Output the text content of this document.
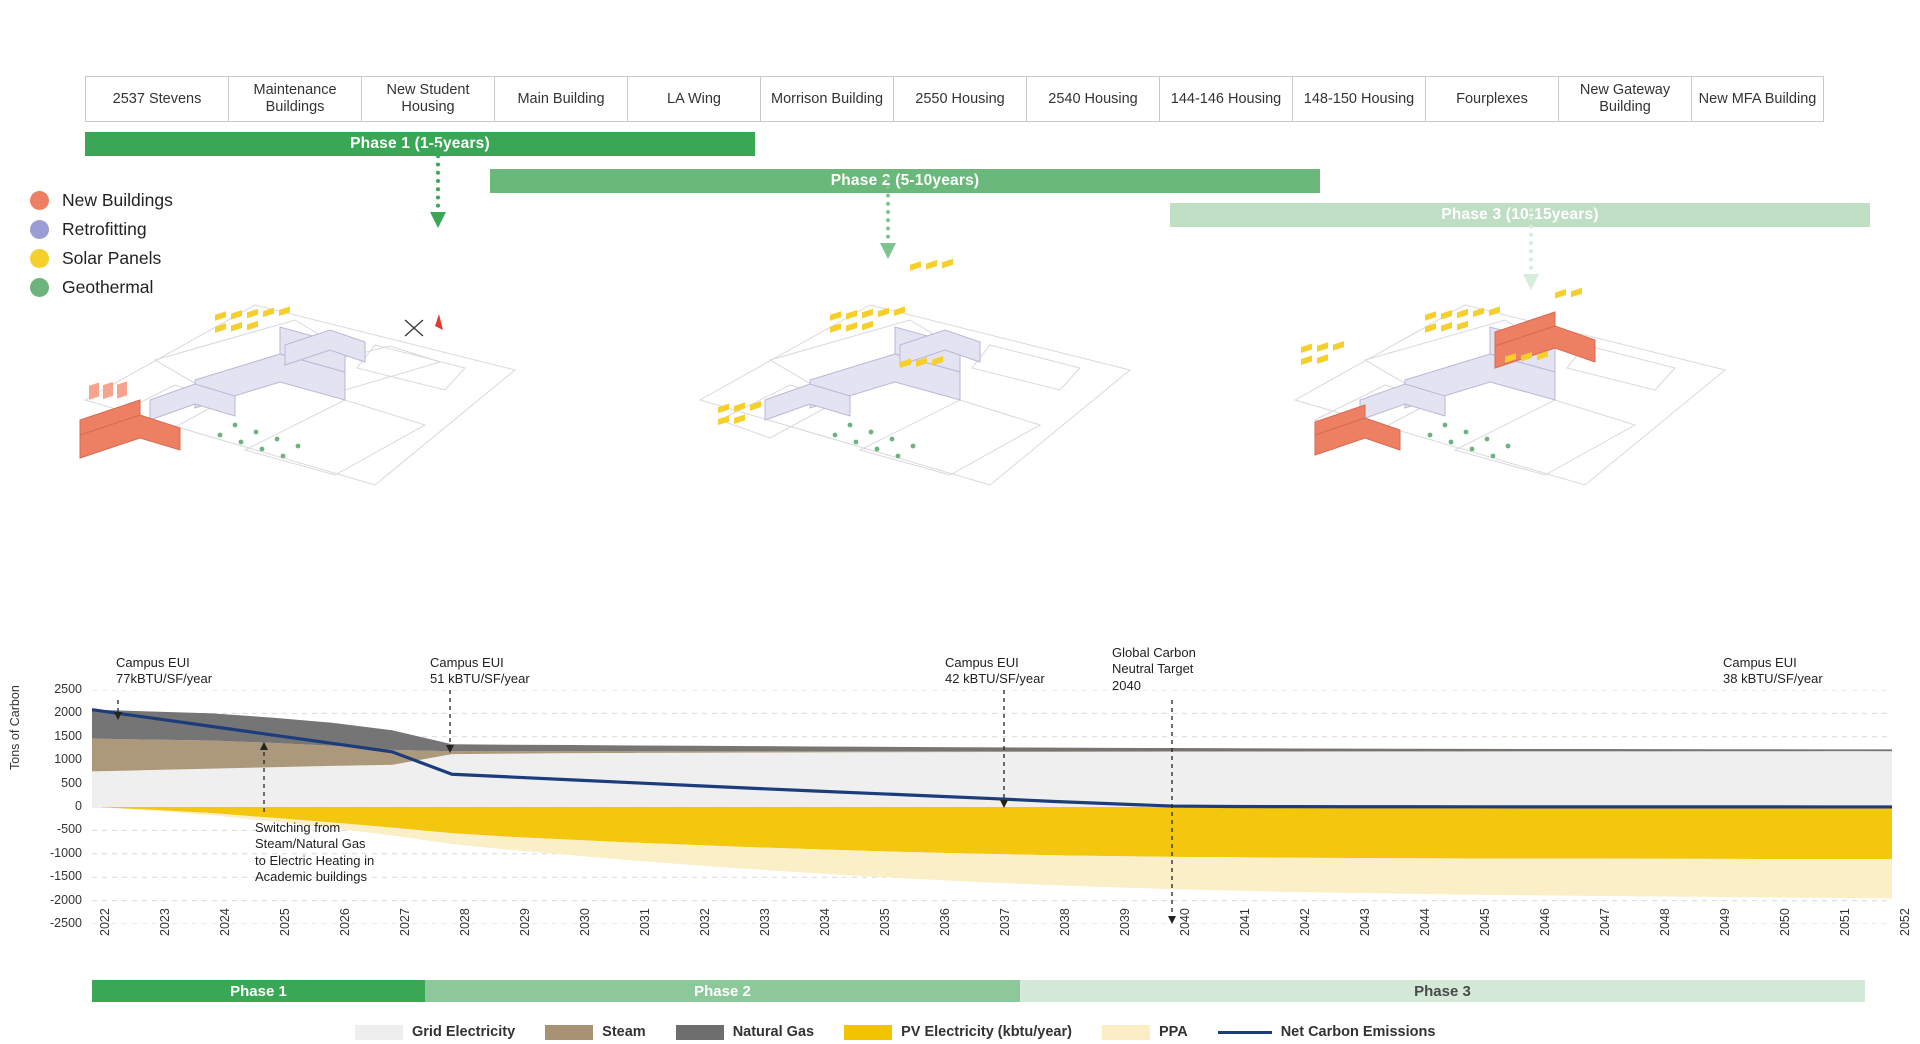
2537 Stevens
Maintenance Buildings
New Student Housing
Main Building	LA Wing	Morrison Building	2550 Housing	2540 Housing	144-146 Housing	148-150 Housing	Fourplexes
New Gateway Building
New MFA Building
Phase 1 (1-5years)
Phase 2 (5-10years)
Phase 3 (10-15years)
New Buildings
Retrofitting
Solar Panels
Geothermal
Tons of Carbon	2500
2000
1500
1000
500
0
-500
-1000
-1500
-2000
-2500 2022	2023	2024	2025	2026	2027	2028	2029	2030	2031	2032	2033	2034	2035	2036	2037	2038	2039	2040	2041	2042	2043	2044	2045	2046	2047	2048	2049	2050	2051	2052
Campus EUI
77kBTU/SF/year
Campus EUI
51 kBTU/SF/year
Campus EUI
42 kBTU/SF/year
Global Carbon
Neutral Target
2040
Campus EUI
38 kBTU/SF/year
Switching from
Steam/Natural Gas
to Electric Heating in
Academic buildings
Phase 1	Phase 2	Phase 3
Grid Electricity	Steam	Natural Gas	PV Electricity (kbtu/year)	PPA	Net Carbon Emissions
